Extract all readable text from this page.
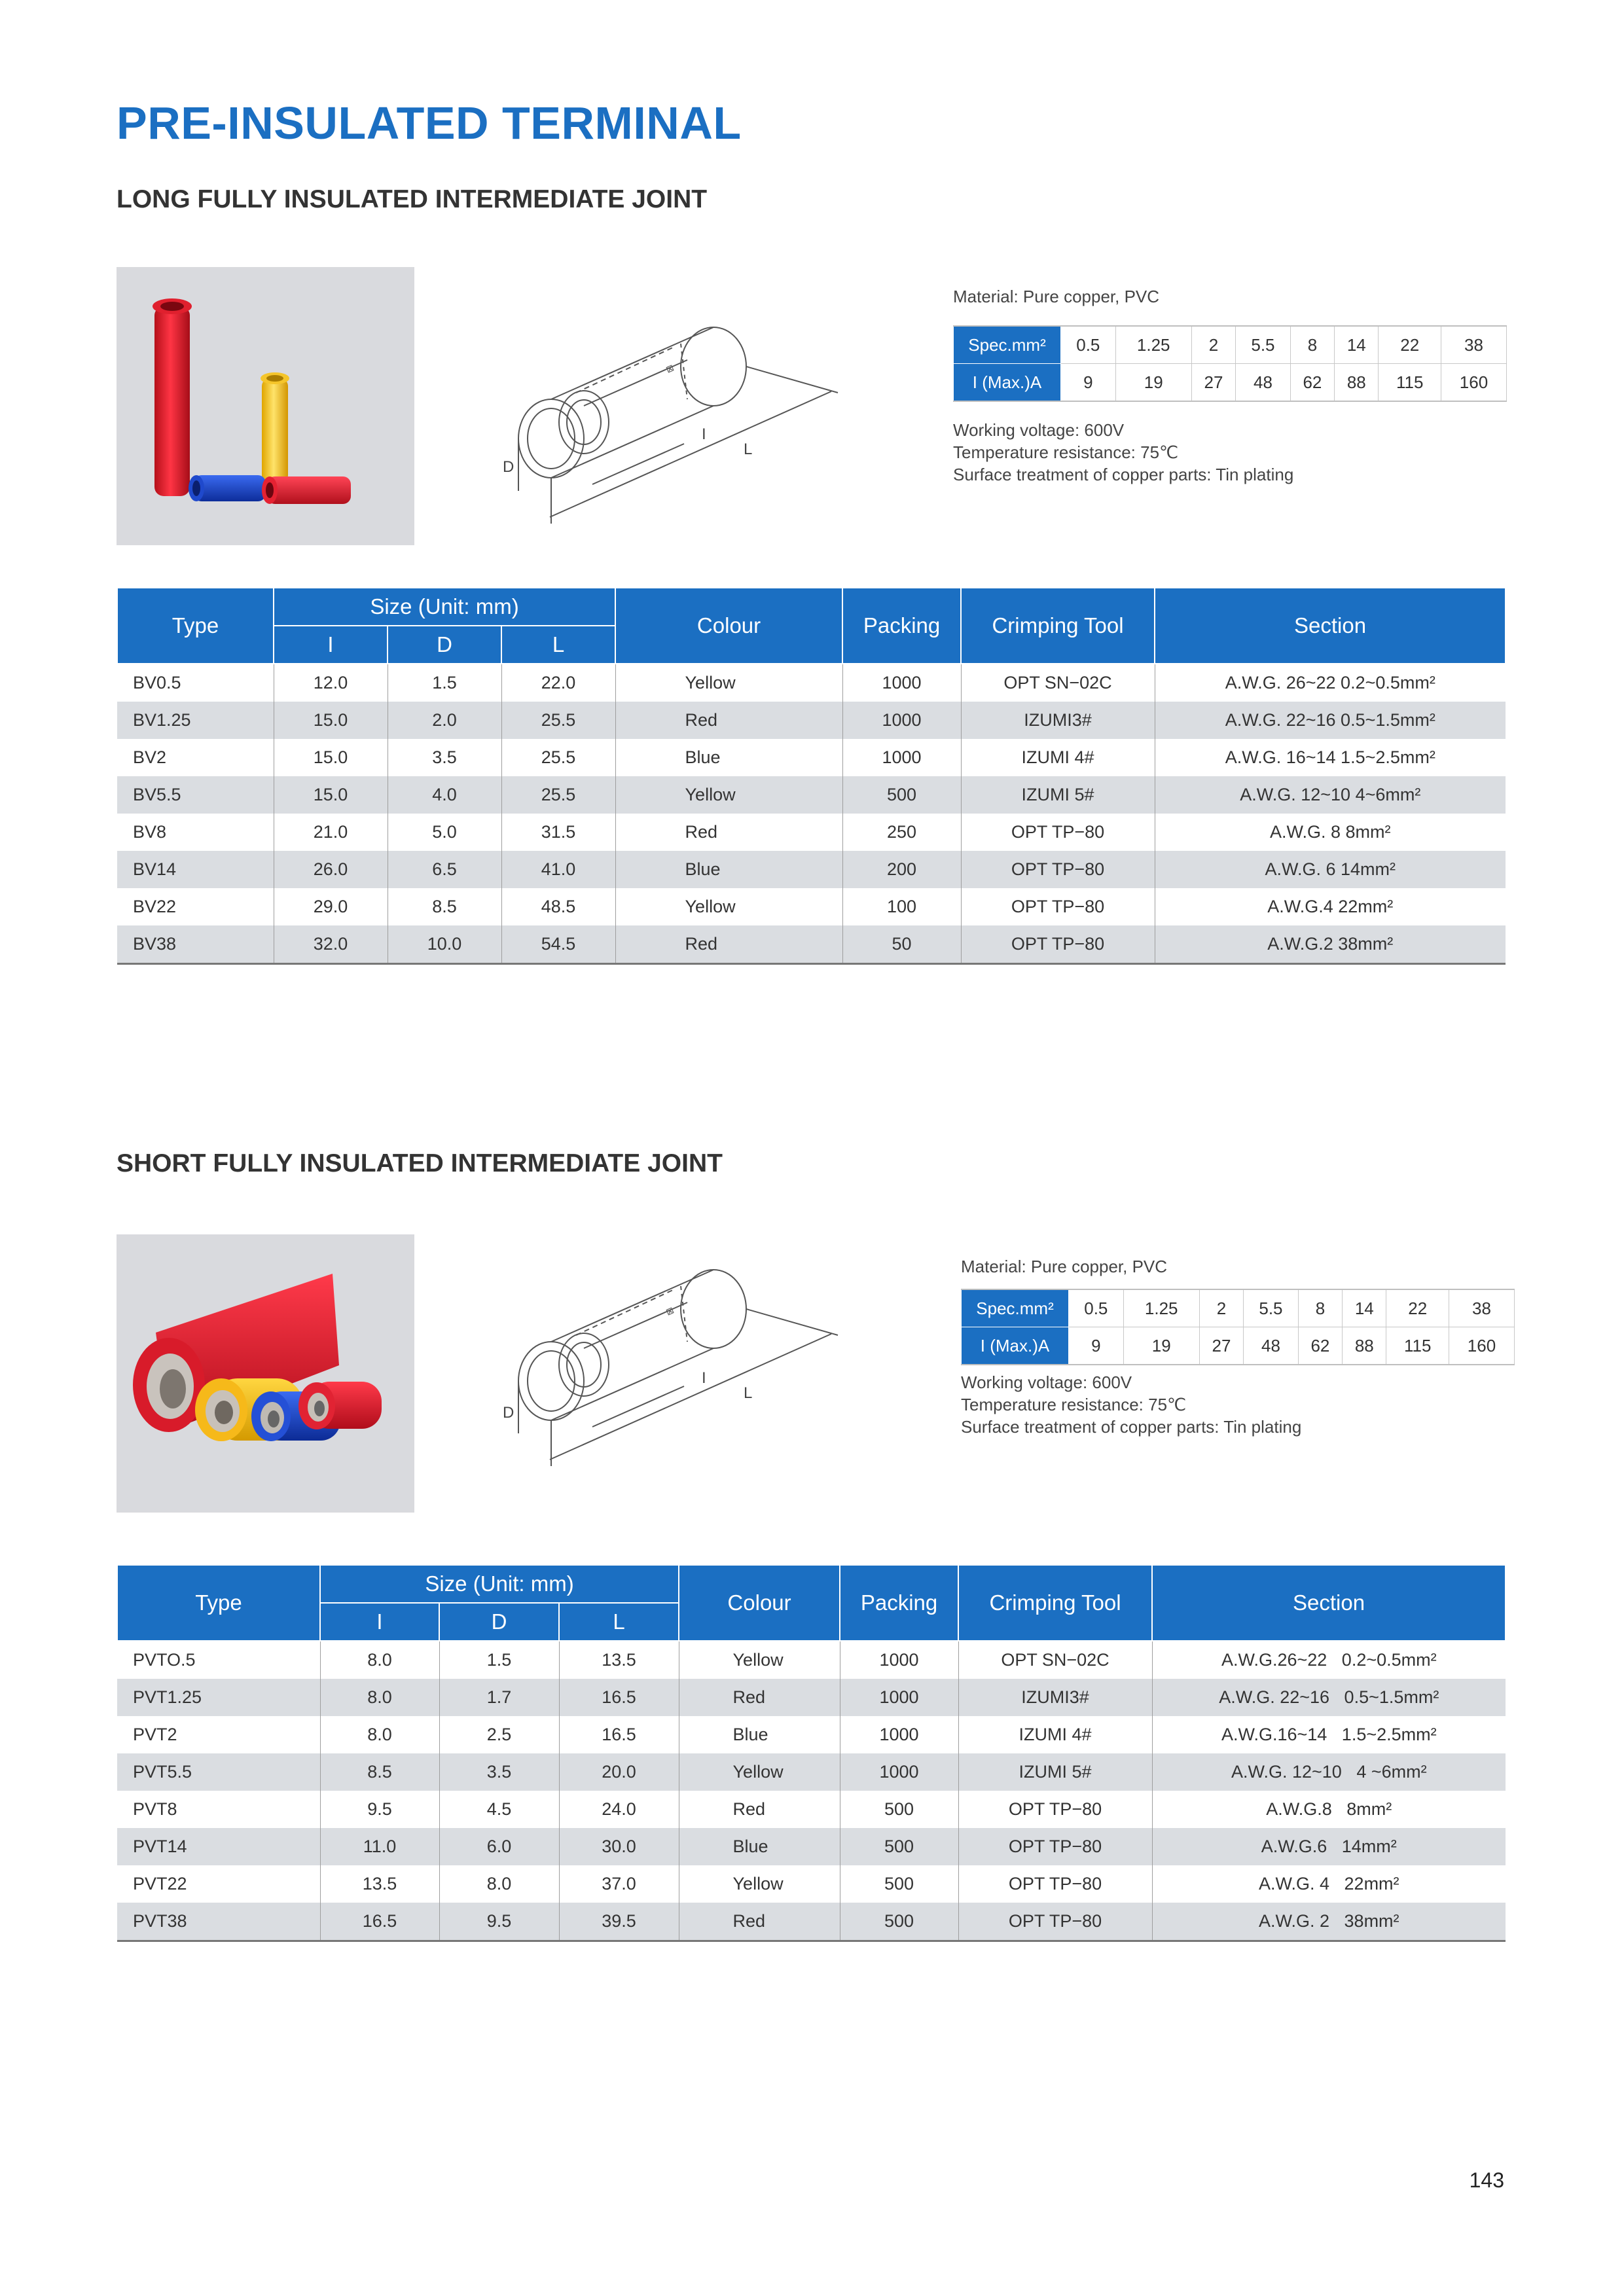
PRE-INSULATED TERMINAL
LONG FULLY INSULATED INTERMEDIATE JOINT
⊠
D
I
L
Material: Pure copper, PVC
Spec.mm²	0.5	1.25	2	5.5	8	14	22	38
I (Max.)A	9	19	27	48	62	88	115	160
Working voltage: 600V
Temperature resistance: 75℃
Surface treatment of copper parts: Tin plating
Type	Size (Unit: mm)			Colour	Packing	Crimping Tool	Section
	I	D	L				
BV0.5	12.0	1.5	22.0	Yellow	1000	OPT SN−02C	A.W.G. 26~22 0.2~0.5mm²
BV1.25	15.0	2.0	25.5	Red	1000	IZUMI3#	A.W.G. 22~16 0.5~1.5mm²
BV2	15.0	3.5	25.5	Blue	1000	IZUMI 4#	A.W.G. 16~14 1.5~2.5mm²
BV5.5	15.0	4.0	25.5	Yellow	500	IZUMI 5#	A.W.G. 12~10 4~6mm²
BV8	21.0	5.0	31.5	Red	250	OPT TP−80	A.W.G. 8 8mm²
BV14	26.0	6.5	41.0	Blue	200	OPT TP−80	A.W.G. 6 14mm²
BV22	29.0	8.5	48.5	Yellow	100	OPT TP−80	A.W.G.4 22mm²
BV38	32.0	10.0	54.5	Red	50	OPT TP−80	A.W.G.2 38mm²
SHORT FULLY INSULATED INTERMEDIATE JOINT
⊠
D
I
L
Material: Pure copper, PVC
Spec.mm²	0.5	1.25	2	5.5	8	14	22	38
I (Max.)A	9	19	27	48	62	88	115	160
Working voltage: 600V
Temperature resistance: 75℃
Surface treatment of copper parts: Tin plating
Type	Size (Unit: mm)			Colour	Packing	Crimping Tool	Section
	I	D	L				
PVTO.5	8.0	1.5	13.5	Yellow	1000	OPT SN−02C	A.W.G.26~22   0.2~0.5mm²
PVT1.25	8.0	1.7	16.5	Red	1000	IZUMI3#	A.W.G. 22~16   0.5~1.5mm²
PVT2	8.0	2.5	16.5	Blue	1000	IZUMI 4#	A.W.G.16~14   1.5~2.5mm²
PVT5.5	8.5	3.5	20.0	Yellow	1000	IZUMI 5#	A.W.G. 12~10   4 ~6mm²
PVT8	9.5	4.5	24.0	Red	500	OPT TP−80	A.W.G.8   8mm²
PVT14	11.0	6.0	30.0	Blue	500	OPT TP−80	A.W.G.6   14mm²
PVT22	13.5	8.0	37.0	Yellow	500	OPT TP−80	A.W.G. 4   22mm²
PVT38	16.5	9.5	39.5	Red	500	OPT TP−80	A.W.G. 2   38mm²
143
